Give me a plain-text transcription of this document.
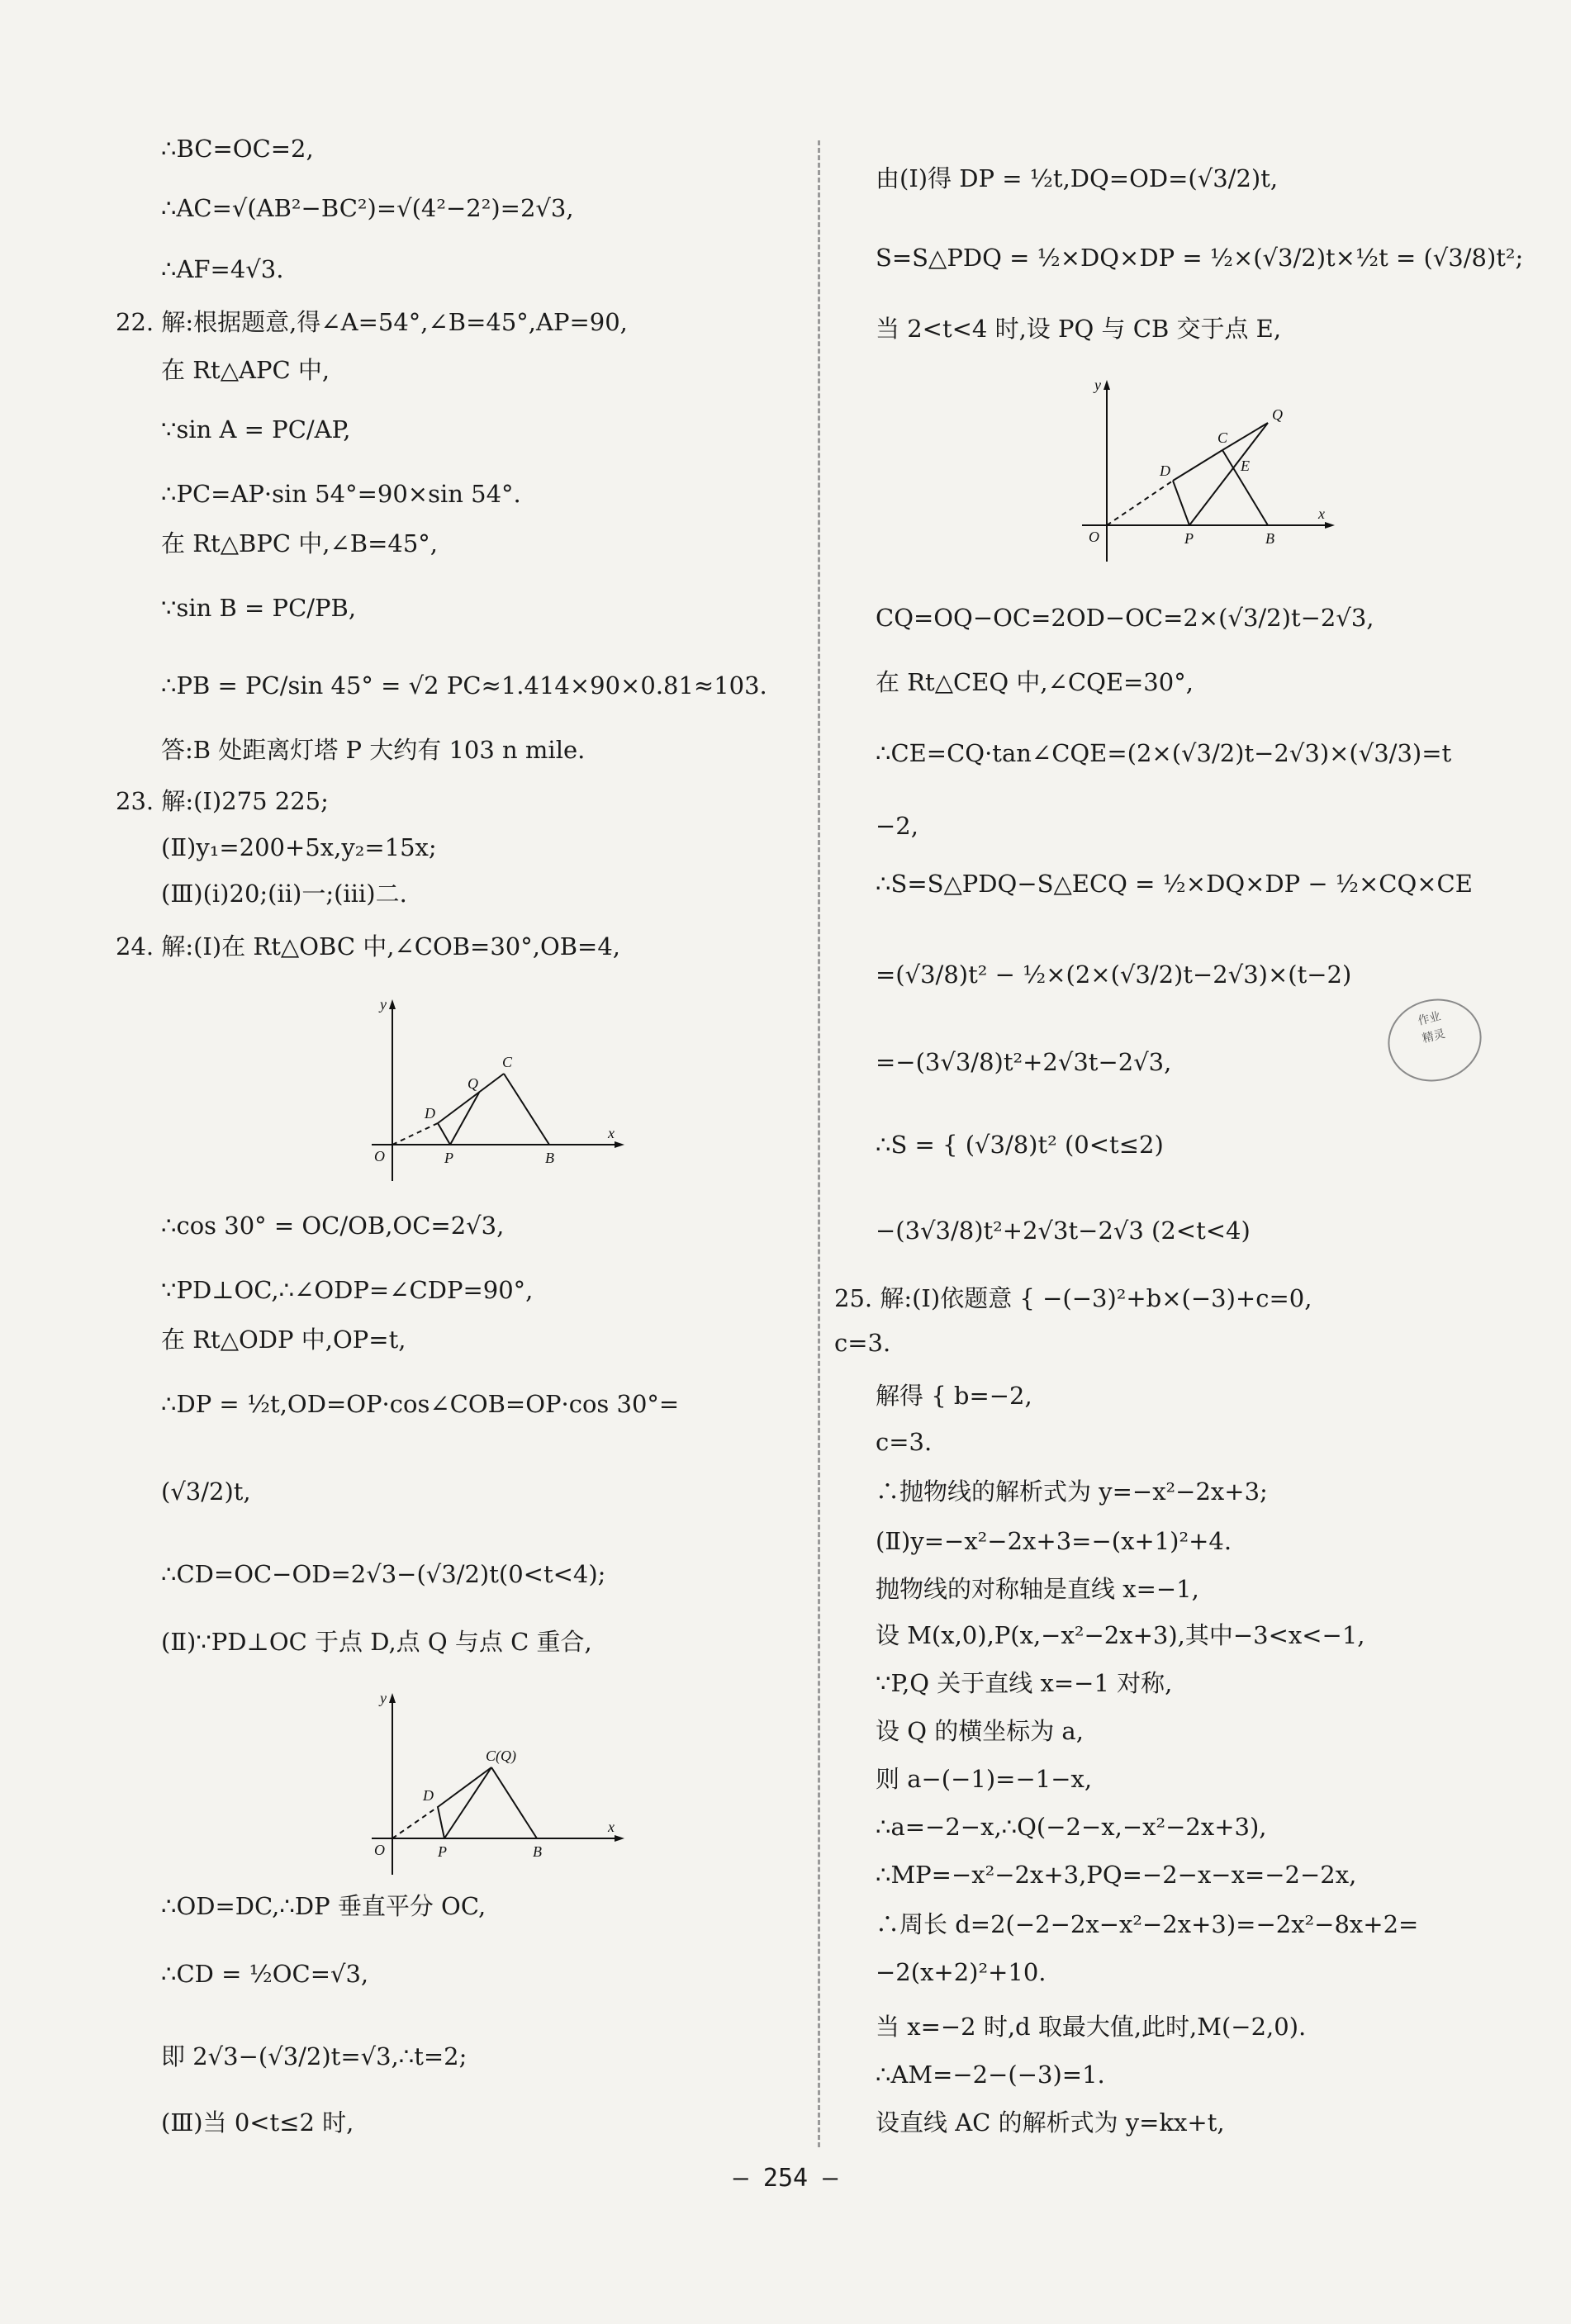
y
x
O	P	B
D
Q
C
y
x
O	P	B
D
C(Q)
y
x
O	P	B
D
C
E
Q
作业
精灵
— 254 —
∴BC=OC=2,
∴AC=√(AB²−BC²)=√(4²−2²)=2√3,
∴AF=4√3.
22. 解:根据题意,得∠A=54°,∠B=45°,AP=90,
在 Rt△APC 中,
∵sin A = PC/AP,
∴PC=AP·sin 54°=90×sin 54°.
在 Rt△BPC 中,∠B=45°,
∵sin B = PC/PB,
∴PB = PC/sin 45° = √2 PC≈1.414×90×0.81≈103.
答:B 处距离灯塔 P 大约有 103 n mile.
23. 解:(Ⅰ)275 225;
(Ⅱ)y₁=200+5x,y₂=15x;
(Ⅲ)(ⅰ)20;(ⅱ)一;(ⅲ)二.
24. 解:(Ⅰ)在 Rt△OBC 中,∠COB=30°,OB=4,
∴cos 30° = OC/OB,OC=2√3,
∵PD⊥OC,∴∠ODP=∠CDP=90°,
在 Rt△ODP 中,OP=t,
∴DP = ½t,OD=OP·cos∠COB=OP·cos 30°=
(√3/2)t,
∴CD=OC−OD=2√3−(√3/2)t(0<t<4);
(Ⅱ)∵PD⊥OC 于点 D,点 Q 与点 C 重合,
∴OD=DC,∴DP 垂直平分 OC,
∴CD = ½OC=√3,
即 2√3−(√3/2)t=√3,∴t=2;
(Ⅲ)当 0<t≤2 时,
由(Ⅰ)得 DP = ½t,DQ=OD=(√3/2)t,
S=S△PDQ = ½×DQ×DP = ½×(√3/2)t×½t = (√3/8)t²;
当 2<t<4 时,设 PQ 与 CB 交于点 E,
CQ=OQ−OC=2OD−OC=2×(√3/2)t−2√3,
在 Rt△CEQ 中,∠CQE=30°,
∴CE=CQ·tan∠CQE=(2×(√3/2)t−2√3)×(√3/3)=t
−2,
∴S=S△PDQ−S△ECQ = ½×DQ×DP − ½×CQ×CE
=(√3/8)t² − ½×(2×(√3/2)t−2√3)×(t−2)
=−(3√3/8)t²+2√3t−2√3,
∴S = { (√3/8)t² (0<t≤2)
−(3√3/8)t²+2√3t−2√3 (2<t<4)
25. 解:(Ⅰ)依题意 { −(−3)²+b×(−3)+c=0,
c=3.
解得 { b=−2,
c=3.
∴抛物线的解析式为 y=−x²−2x+3;
(Ⅱ)y=−x²−2x+3=−(x+1)²+4.
抛物线的对称轴是直线 x=−1,
设 M(x,0),P(x,−x²−2x+3),其中−3<x<−1,
∵P,Q 关于直线 x=−1 对称,
设 Q 的横坐标为 a,
则 a−(−1)=−1−x,
∴a=−2−x,∴Q(−2−x,−x²−2x+3),
∴MP=−x²−2x+3,PQ=−2−x−x=−2−2x,
∴周长 d=2(−2−2x−x²−2x+3)=−2x²−8x+2=
−2(x+2)²+10.
当 x=−2 时,d 取最大值,此时,M(−2,0).
∴AM=−2−(−3)=1.
设直线 AC 的解析式为 y=kx+t,
